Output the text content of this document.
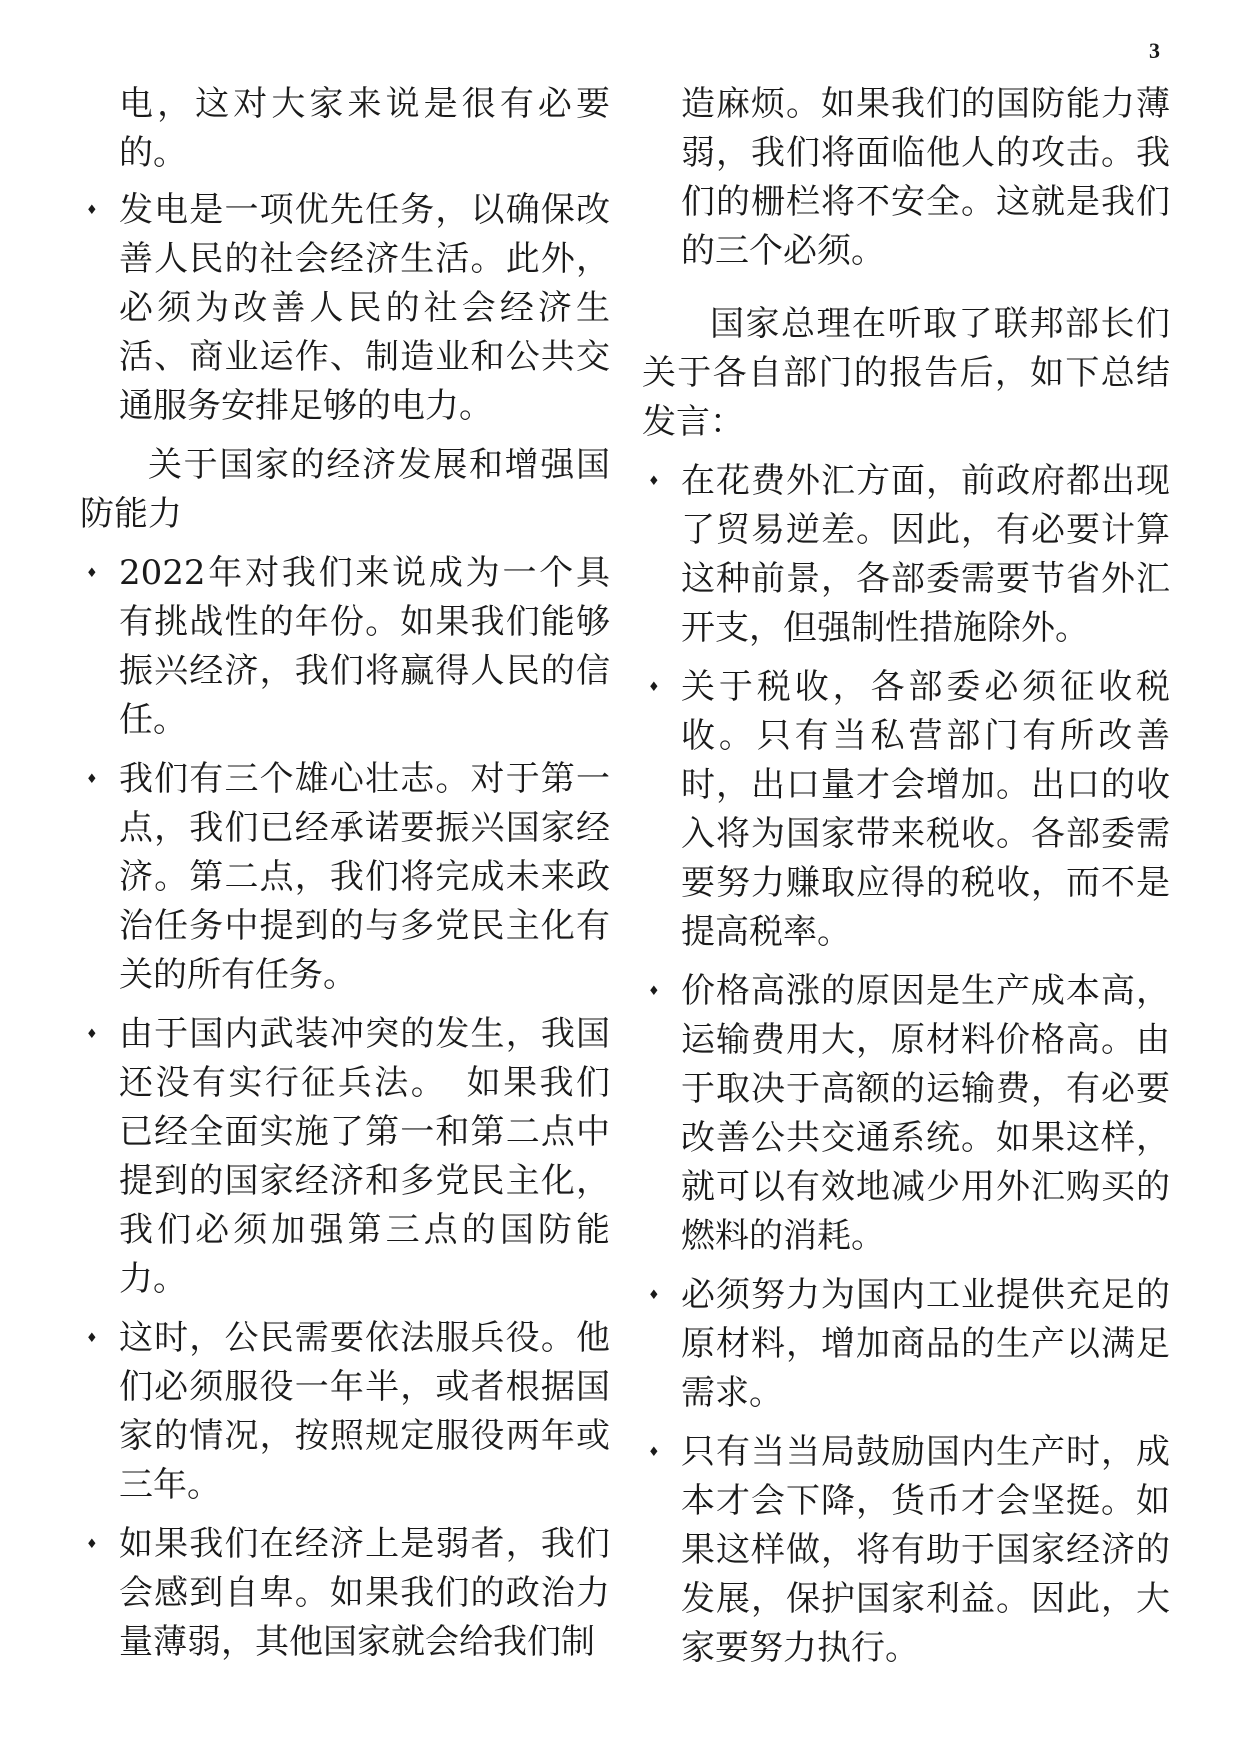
3

电，这对大家来说是很有必要的。

♦ 发电是一项优先任务，以确保改善人民的社会经济生活。此外，必须为改善人民的社会经济生活、商业运作、制造业和公共交通服务安排足够的电力。

关于国家的经济发展和增强国防能力

♦ 2022年对我们来说成为一个具有挑战性的年份。如果我们能够振兴经济，我们将赢得人民的信任。

♦ 我们有三个雄心壮志。对于第一点，我们已经承诺要振兴国家经济。第二点，我们将完成未来政治任务中提到的与多党民主化有关的所有任务。

♦ 由于国内武装冲突的发生，我国还没有实行征兵法。　如果我们已经全面实施了第一和第二点中提到的国家经济和多党民主化，我们必须加强第三点的国防能力。

♦ 这时，公民需要依法服兵役。他们必须服役一年半，或者根据国家的情况，按照规定服役两年或三年。

♦ 如果我们在经济上是弱者，我们会感到自卑。如果我们的政治力量薄弱，其他国家就会给我们制

造麻烦。如果我们的国防能力薄弱，我们将面临他人的攻击。我们的栅栏将不安全。这就是我们的三个必须。

国家总理在听取了联邦部长们关于各自部门的报告后，如下总结发言：

♦ 在花费外汇方面，前政府都出现了贸易逆差。因此，有必要计算这种前景，各部委需要节省外汇开支，但强制性措施除外。

♦ 关于税收，各部委必须征收税收。只有当私营部门有所改善时，出口量才会增加。出口的收入将为国家带来税收。各部委需要努力赚取应得的税收，而不是提高税率。

♦ 价格高涨的原因是生产成本高，运输费用大，原材料价格高。由于取决于高额的运输费，有必要改善公共交通系统。如果这样，就可以有效地减少用外汇购买的燃料的消耗。

♦ 必须努力为国内工业提供充足的原材料，增加商品的生产以满足需求。

♦ 只有当当局鼓励国内生产时，成本才会下降，货币才会坚挺。如果这样做，将有助于国家经济的发展，保护国家利益。因此，大家要努力执行。
